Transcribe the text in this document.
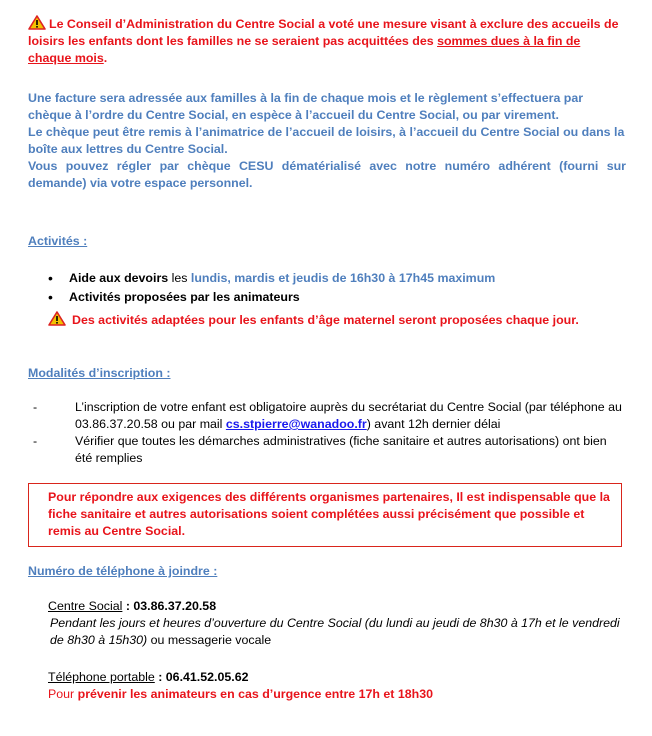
Le Conseil d’Administration du Centre Social a voté une mesure visant à exclure des accueils de loisirs les enfants dont les familles ne se seraient pas acquittées des sommes dues à la fin de chaque mois.

Une facture sera adressée aux familles à la fin de chaque mois et le règlement s’effectuera par chèque à l’ordre du Centre Social, en espèce à l’accueil du Centre Social, ou par virement.

Le chèque peut être remis à l’animatrice de l’accueil de loisirs, à l’accueil du Centre Social ou dans la boîte aux lettres du Centre Social.

Vous pouvez régler par chèque CESU dématérialisé avec notre numéro adhérent (fourni sur demande) via votre espace personnel.

Activités :

• Aide aux devoirs les lundis, mardis et jeudis de 16h30 à 17h45 maximum
• Activités proposées par les animateurs

Des activités adaptées pour les enfants d’âge maternel seront proposées chaque jour.

Modalités d’inscription :

-	L’inscription de votre enfant est obligatoire auprès du secrétariat du Centre Social (par téléphone au 03.86.37.20.58 ou par mail cs.stpierre@wanadoo.fr) avant 12h dernier délai
-	Vérifier que toutes les démarches administratives (fiche sanitaire et autres autorisations) ont bien été remplies

Pour répondre aux exigences des différents organismes partenaires, Il est indispensable que la fiche sanitaire et autres autorisations soient complétées aussi précisément que possible et remis au Centre Social.

Numéro de téléphone à joindre :

Centre Social : 03.86.37.20.58

Pendant les jours et heures d’ouverture du Centre Social (du lundi au jeudi de 8h30 à 17h et le vendredi de 8h30 à 15h30) ou messagerie vocale

Téléphone portable : 06.41.52.05.62

Pour prévenir les animateurs en cas d’urgence entre 17h et 18h30
